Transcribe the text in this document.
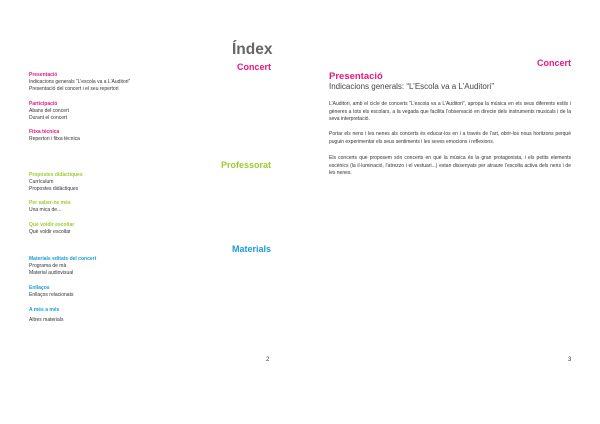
Índex
Concert
Presentació
Indicacions generals “L’escola va a L’Auditori”
Presentació del concert i el seu repertori
Participació
Abans del concert
Durant el concert
Fitxa tècnica
Repertori i fitxa tècnica
Professorat
Propostes didàctiques
Currículum
Propostes didàctiques
Per saber-ne més
Una mica de...
Què voldir escoltar
Què voldir escoltar
Materials
Materials editats del concert
Programa de mà
Material audiovisual
Enllaços
Enllaços relacionats
A més a més
Altres materials
2
Concert
Presentació
Indicacions generals: “L’Escola va a L’Auditori”

L’Auditori, amb el cicle de concerts “L’escola va a L’Auditori”, apropa la música en els seus diferents estils i gèneres a tots els escolars, a la vegada que facilita l’observació en directe dels instruments musicals i de la seva interpretació.

Portar els nens i les nenes als concerts és educar-los en i a través de l’art, obrir-los nous horitzons perquè puguin experimentar els seus sentiments i les seves emocions i reflexions.

Els concerts que proposem són concerts en què la música és la gran protagonista, i els petits elements escènics (la il·luminació, l’atrezzo i el vestuari...) estan dissenyats per atraure l’escolta activa dels nens i de les nenes.

3
